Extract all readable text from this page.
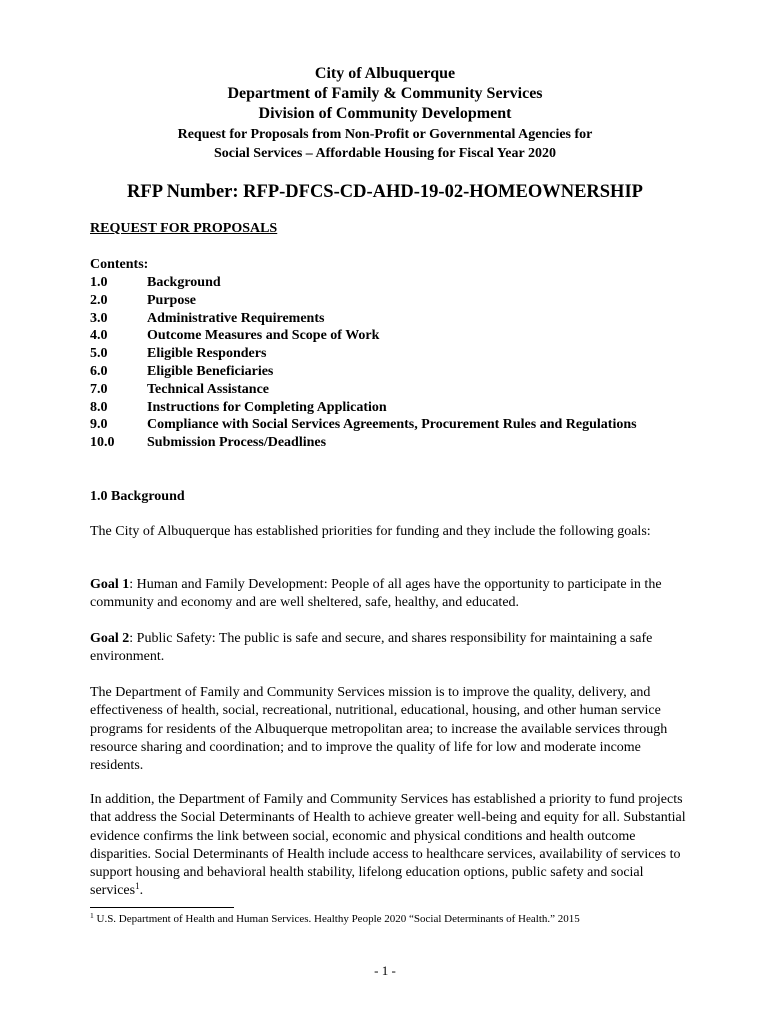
City of Albuquerque
Department of Family & Community Services
Division of Community Development
Request for Proposals from Non-Profit or Governmental Agencies for
Social Services – Affordable Housing for Fiscal Year 2020
RFP Number: RFP-DFCS-CD-AHD-19-02-HOMEOWNERSHIP
REQUEST FOR PROPOSALS
Contents:
1.0	Background
2.0	Purpose
3.0	Administrative Requirements
4.0	Outcome Measures and Scope of Work
5.0	Eligible Responders
6.0	Eligible Beneficiaries
7.0	Technical Assistance
8.0	Instructions for Completing Application
9.0	Compliance with Social Services Agreements, Procurement Rules and Regulations
10.0	Submission Process/Deadlines
1.0 Background
The City of Albuquerque has established priorities for funding and they include the following goals:
Goal 1: Human and Family Development: People of all ages have the opportunity to participate in the community and economy and are well sheltered, safe, healthy, and educated.
Goal 2: Public Safety: The public is safe and secure, and shares responsibility for maintaining a safe environment.
The Department of Family and Community Services mission is to improve the quality, delivery, and effectiveness of health, social, recreational, nutritional, educational, housing, and other human service programs for residents of the Albuquerque metropolitan area; to increase the available services through resource sharing and coordination; and to improve the quality of life for low and moderate income residents.
In addition, the Department of Family and Community Services has established a priority to fund projects that address the Social Determinants of Health to achieve greater well-being and equity for all. Substantial evidence confirms the link between social, economic and physical conditions and health outcome disparities. Social Determinants of Health include access to healthcare services, availability of services to support housing and behavioral health stability, lifelong education options, public safety and social services$^1$.
$^1$ U.S. Department of Health and Human Services. Healthy People 2020 “Social Determinants of Health.” 2015
- 1 -
